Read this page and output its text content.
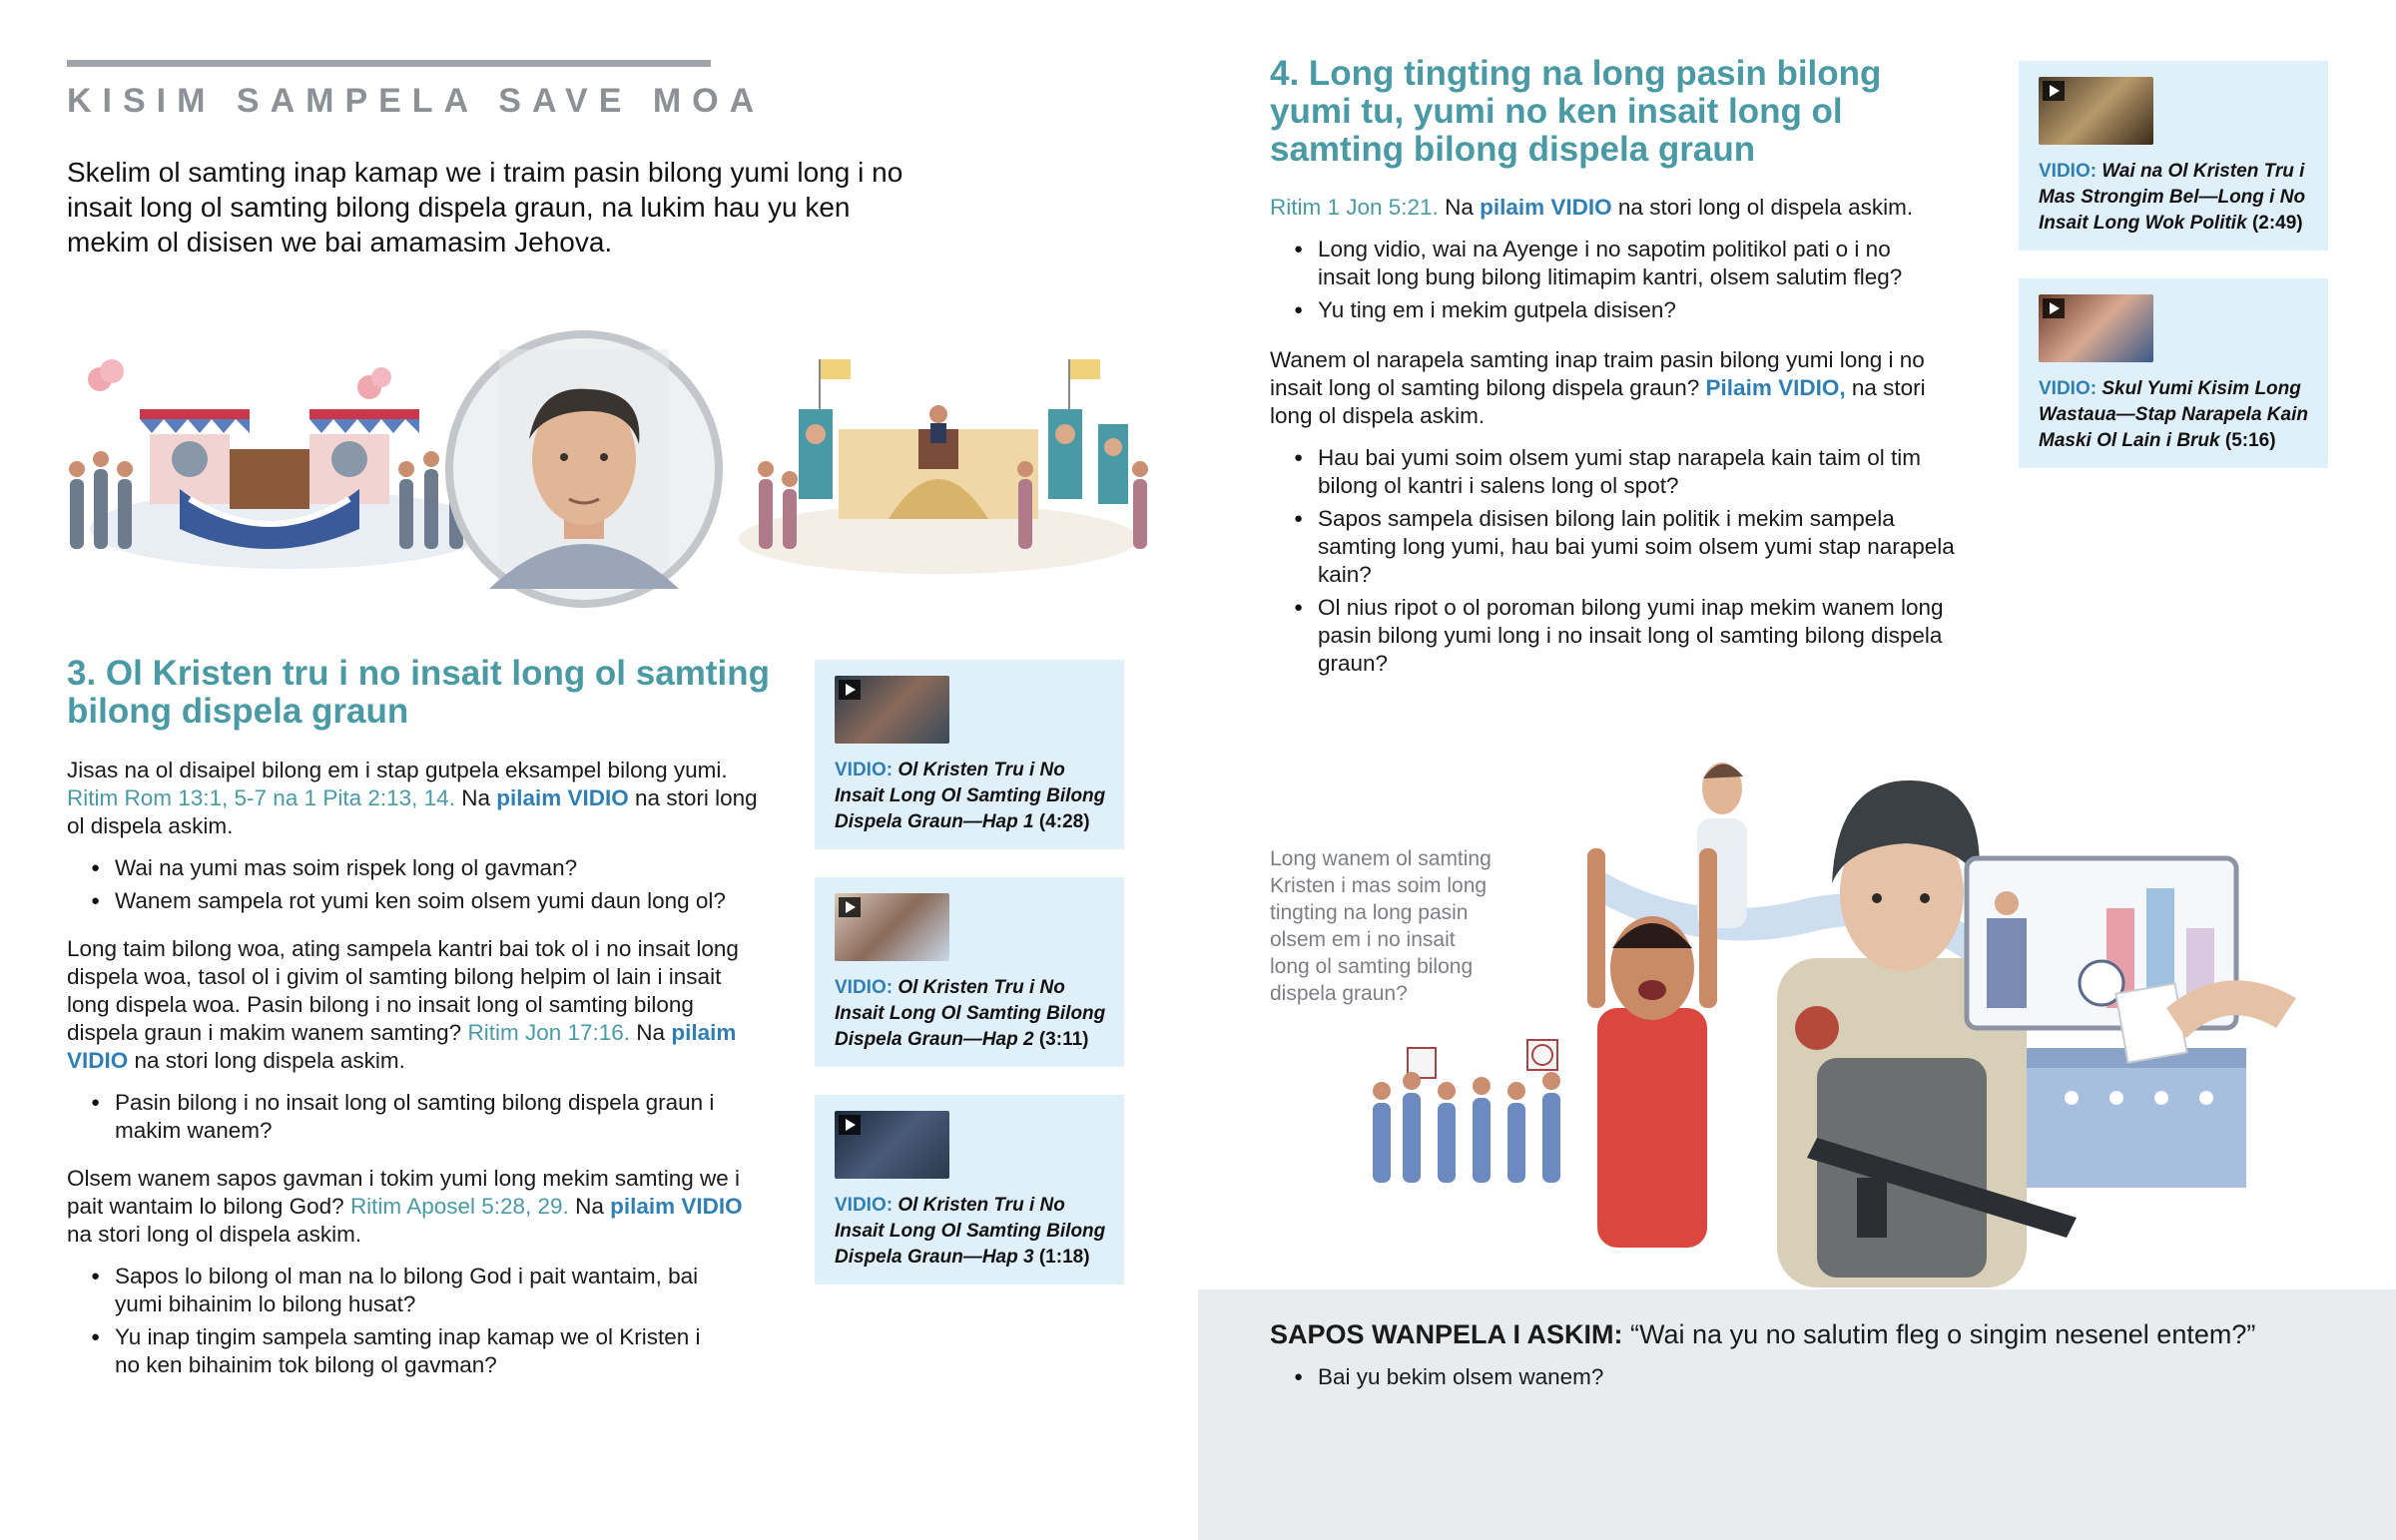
KISIM SAMPELA SAVE MOA

Skelim ol samting inap kamap we i traim pasin bilong yumi long i no insait long ol samting bilong dispela graun, na lukim hau yu ken mekim ol disisen we bai amamasim Jehova.

3. Ol Kristen tru i no insait long ol samting bilong dispela graun

Jisas na ol disaipel bilong em i stap gutpela eksampel bilong yumi. Ritim Rom 13:1, 5-7 na 1 Pita 2:13, 14. Na pilaim VIDIO na stori long ol dispela askim.

● Wai na yumi mas soim rispek long ol gavman?
● Wanem sampela rot yumi ken soim olsem yumi daun long ol?

Long taim bilong woa, ating sampela kantri bai tok ol i no insait long dispela woa, tasol ol i givim ol samting bilong helpim ol lain i insait long dispela woa. Pasin bilong i no insait long ol samting bilong dispela graun i makim wanem samting? Ritim Jon 17:16. Na pilaim VIDIO na stori long dispela askim.

● Pasin bilong i no insait long ol samting bilong dispela graun i makim wanem?

Olsem wanem sapos gavman i tokim yumi long mekim samting we i pait wantaim lo bilong God? Ritim Aposel 5:28, 29. Na pilaim VIDIO na stori long ol dispela askim.

● Sapos lo bilong ol man na lo bilong God i pait wantaim, bai yumi bihainim lo bilong husat?
● Yu inap tingim sampela samting inap kamap we ol Kristen i no ken bihainim tok bilong ol gavman?
VIDIO: Ol Kristen Tru i No Insait Long Ol Samting Bilong Dispela Graun—Hap 1 (4:28)
VIDIO: Ol Kristen Tru i No Insait Long Ol Samting Bilong Dispela Graun—Hap 2 (3:11)
VIDIO: Ol Kristen Tru i No Insait Long Ol Samting Bilong Dispela Graun—Hap 3 (1:18)
4. Long tingting na long pasin bilong yumi tu, yumi no ken insait long ol samting bilong dispela graun

Ritim 1 Jon 5:21. Na pilaim VIDIO na stori long ol dispela askim.

● Long vidio, wai na Ayenge i no sapotim politikol pati o i no insait long bung bilong litimapim kantri, olsem salutim fleg?
● Yu ting em i mekim gutpela disisen?

Wanem ol narapela samting inap traim pasin bilong yumi long i no insait long ol samting bilong dispela graun? Pilaim VIDIO, na stori long ol dispela askim.

● Hau bai yumi soim olsem yumi stap narapela kain taim ol tim bilong ol kantri i salens long ol spot?
● Sapos sampela disisen bilong lain politik i mekim sampela samting long yumi, hau bai yumi soim olsem yumi stap narapela kain?
● Ol nius ripot o ol poroman bilong yumi inap mekim wanem long pasin bilong yumi long i no insait long ol samting bilong dispela graun?
VIDIO: Wai na Ol Kristen Tru i Mas Strongim Bel—Long i No Insait Long Wok Politik (2:49)
VIDIO: Skul Yumi Kisim Long Wastaua—Stap Narapela Kain Maski Ol Lain i Bruk (5:16)
Long wanem ol samting Kristen i mas soim long tingting na long pasin olsem em i no insait long ol samting bilong dispela graun?
SAPOS WANPELA I ASKIM: “Wai na yu no salutim fleg o singim nesenel entem?”
● Bai yu bekim olsem wanem?
